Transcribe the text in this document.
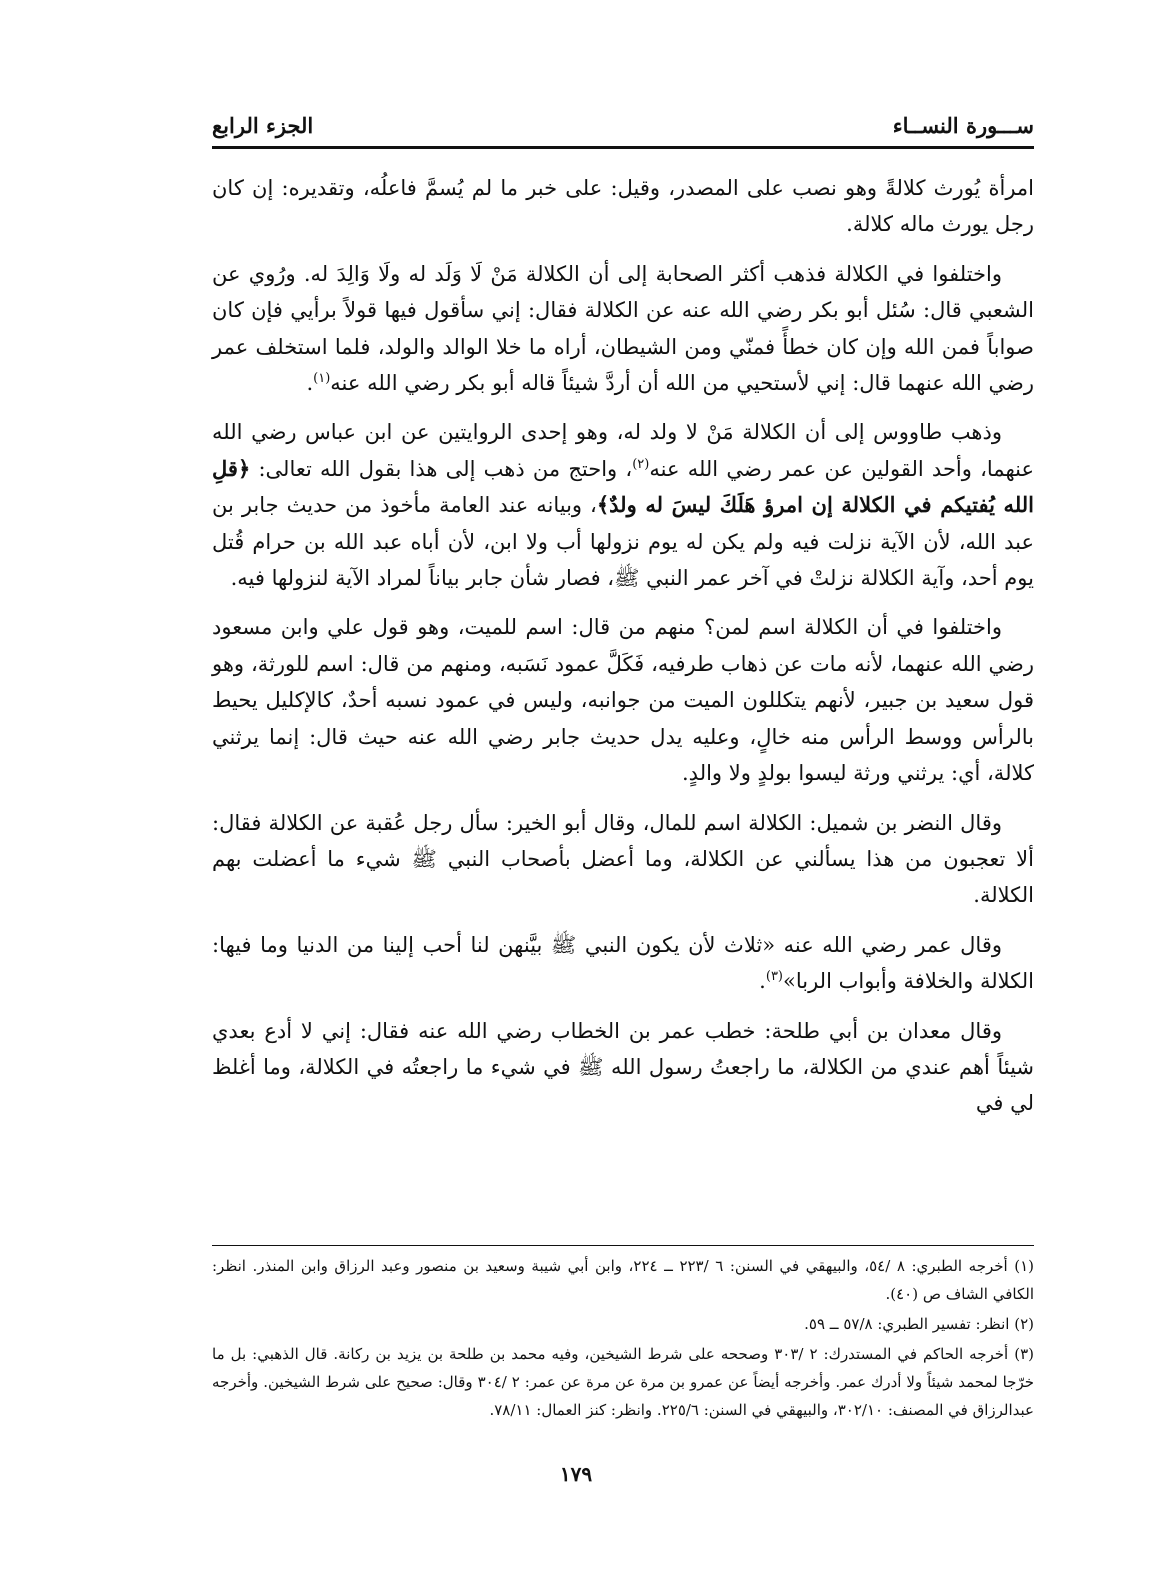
ســـورة النســاء
الجزء الرابع

امرأة يُورث كلالةً وهو نصب على المصدر، وقيل: على خبر ما لم يُسمَّ فاعلُه، وتقديره: إن كان رجل يورث ماله كلالة.

واختلفوا في الكلالة فذهب أكثر الصحابة إلى أن الكلالة مَنْ لَا وَلَد له ولَا وَالِدَ له. ورُوي عن الشعبي قال: سُئل أبو بكر رضي الله عنه عن الكلالة فقال: إني سأقول فيها قولاً برأيي فإن كان صواباً فمن الله وإن كان خطأً فمنّي ومن الشيطان، أراه ما خلا الوالد والولد، فلما استخلف عمر رضي الله عنهما قال: إني لأستحيي من الله أن أردَّ شيئاً قاله أبو بكر رضي الله عنه$^{(١)}$.

وذهب طاووس إلى أن الكلالة مَنْ لا ولد له، وهو إحدى الروايتين عن ابن عباس رضي الله عنهما، وأحد القولين عن عمر رضي الله عنه$^{(٢)}$، واحتج من ذهب إلى هذا بقول الله تعالى: ﴿قلِ الله يُفتيكم في الكلالة إن امرؤ هَلَكَ ليسَ له ولدٌ﴾، وبيانه عند العامة مأخوذ من حديث جابر بن عبد الله، لأن الآية نزلت فيه ولم يكن له يوم نزولها أب ولا ابن، لأن أباه عبد الله بن حرام قُتل يوم أحد، وآية الكلالة نزلتْ في آخر عمر النبي ﷺ، فصار شأن جابر بياناً لمراد الآية لنزولها فيه.

واختلفوا في أن الكلالة اسم لمن؟ منهم من قال: اسم للميت، وهو قول علي وابن مسعود رضي الله عنهما، لأنه مات عن ذهاب طرفيه، فَكَلَّ عمود نَسَبه، ومنهم من قال: اسم للورثة، وهو قول سعيد بن جبير، لأنهم يتكللون الميت من جوانبه، وليس في عمود نسبه أحدٌ، كالإكليل يحيط بالرأس ووسط الرأس منه خالٍ، وعليه يدل حديث جابر رضي الله عنه حيث قال: إنما يرثني كلالة، أي: يرثني ورثة ليسوا بولدٍ ولا والدٍ.

وقال النضر بن شميل: الكلالة اسم للمال، وقال أبو الخير: سأل رجل عُقبة عن الكلالة فقال: ألا تعجبون من هذا يسألني عن الكلالة، وما أعضل بأصحاب النبي ﷺ شيء ما أعضلت بهم الكلالة.

وقال عمر رضي الله عنه «ثلاث لأن يكون النبي ﷺ بيَّنهن لنا أحب إلينا من الدنيا وما فيها: الكلالة والخلافة وأبواب الربا»$^{(٣)}$.

وقال معدان بن أبي طلحة: خطب عمر بن الخطاب رضي الله عنه فقال: إني لا أدع بعدي شيئاً أهم عندي من الكلالة، ما راجعتُ رسول الله ﷺ في شيء ما راجعتُه في الكلالة، وما أغلظ لي في

(١) أخرجه الطبري: ٨ /٥٤، والبيهقي في السنن: ٦ /٢٢٣ ــ ٢٢٤، وابن أبي شيبة وسعيد بن منصور وعبد الرزاق وابن المنذر. انظر: الكافي الشاف ص (٤٠).
(٢) انظر: تفسير الطبري: ٥٧/٨ ــ ٥٩.
(٣) أخرجه الحاكم في المستدرك: ٢ /٣٠٣ وصححه على شرط الشيخين، وفيه محمد بن طلحة بن يزيد بن ركانة. قال الذهبي: بل ما خرّجا لمحمد شيئاً ولا أدرك عمر. وأخرجه أيضاً عن عمرو بن مرة عن مرة عن عمر: ٢ /٣٠٤ وقال: صحيح على شرط الشيخين. وأخرجه عبدالرزاق في المصنف: ٣٠٢/١٠، والبيهقي في السنن: ٢٢٥/٦. وانظر: كنز العمال: ٧٨/١١.
١٧٩
